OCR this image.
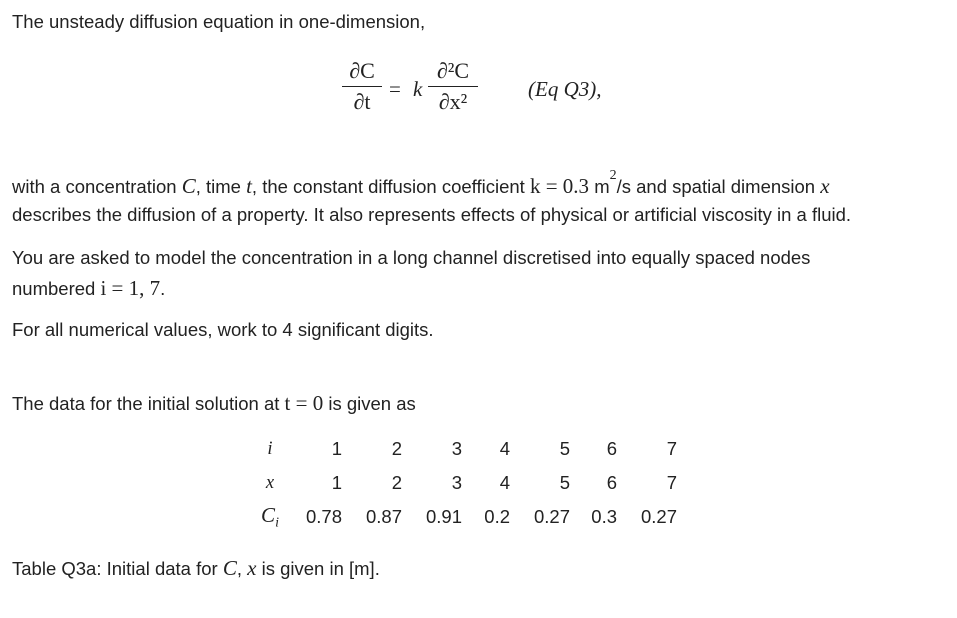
The unsteady diffusion equation in one-dimension,
∂C
∂t = k
∂²C
∂x²	(Eq Q3),
with a concentration C, time t, the constant diffusion coefficient k = 0.3 $m^2/s$ and spatial dimension x
describes the diffusion of a property. It also represents effects of physical or artificial viscosity in a fluid.
You are asked to model the concentration in a long channel discretised into equally spaced nodes
numbered i = 1, 7.
For all numerical values, work to 4 significant digits.
The data for the initial solution at t = 0 is given as
i	1	2	3	4	5	6	7
x	1	2	3	4	5	6	7
$C_i$	0.78	0.87	0.91	0.2	0.27	0.3	0.27
Table Q3a: Initial data for C, x is given in [m].
